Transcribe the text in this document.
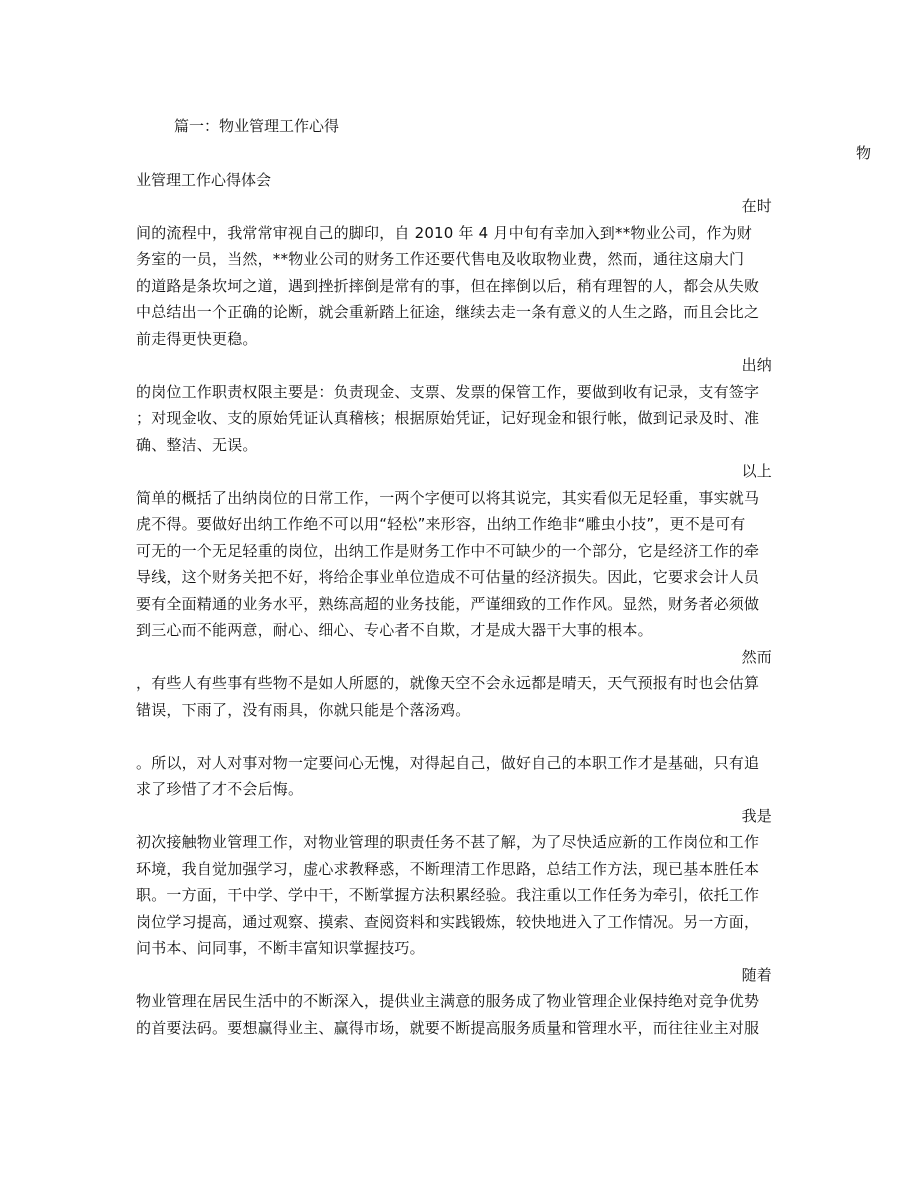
篇一：物业管理工作心得
物
业管理工作心得体会
在时
间的流程中，我常常审视自己的脚印，自 2010 年 4 月中旬有幸加入到**物业公司，作为财
务室的一员，当然，**物业公司的财务工作还要代售电及收取物业费，然而，通往这扇大门
的道路是条坎坷之道，遇到挫折摔倒是常有的事，但在摔倒以后，稍有理智的人，都会从失败
中总结出一个正确的论断，就会重新踏上征途，继续去走一条有意义的人生之路，而且会比之
前走得更快更稳。
出纳
的岗位工作职责权限主要是：负责现金、支票、发票的保管工作，要做到收有记录，支有签字
；对现金收、支的原始凭证认真稽核；根据原始凭证，记好现金和银行帐，做到记录及时、准
确、整洁、无误。
以上
简单的概括了出纳岗位的日常工作，一两个字便可以将其说完，其实看似无足轻重，事实就马
虎不得。要做好出纳工作绝不可以用“轻松”来形容，出纳工作绝非“雕虫小技”，更不是可有
可无的一个无足轻重的岗位，出纳工作是财务工作中不可缺少的一个部分，它是经济工作的牵
导线，这个财务关把不好，将给企事业单位造成不可估量的经济损失。因此，它要求会计人员
要有全面精通的业务水平，熟练高超的业务技能，严谨细致的工作作风。显然，财务者必须做
到三心而不能两意，耐心、细心、专心者不自欺，才是成大器干大事的根本。
然而
，有些人有些事有些物不是如人所愿的，就像天空不会永远都是晴天，天气预报有时也会估算
错误，下雨了，没有雨具，你就只能是个落汤鸡。
。所以，对人对事对物一定要问心无愧，对得起自己，做好自己的本职工作才是基础，只有追
求了珍惜了才不会后悔。
我是
初次接触物业管理工作，对物业管理的职责任务不甚了解，为了尽快适应新的工作岗位和工作
环境，我自觉加强学习，虚心求教释惑，不断理清工作思路，总结工作方法，现已基本胜任本
职。一方面，干中学、学中干，不断掌握方法积累经验。我注重以工作任务为牵引，依托工作
岗位学习提高，通过观察、摸索、查阅资料和实践锻炼，较快地进入了工作情况。另一方面，
问书本、问同事，不断丰富知识掌握技巧。
随着
物业管理在居民生活中的不断深入，提供业主满意的服务成了物业管理企业保持绝对竞争优势
的首要法码。要想赢得业主、赢得市场，就要不断提高服务质量和管理水平，而往往业主对服
